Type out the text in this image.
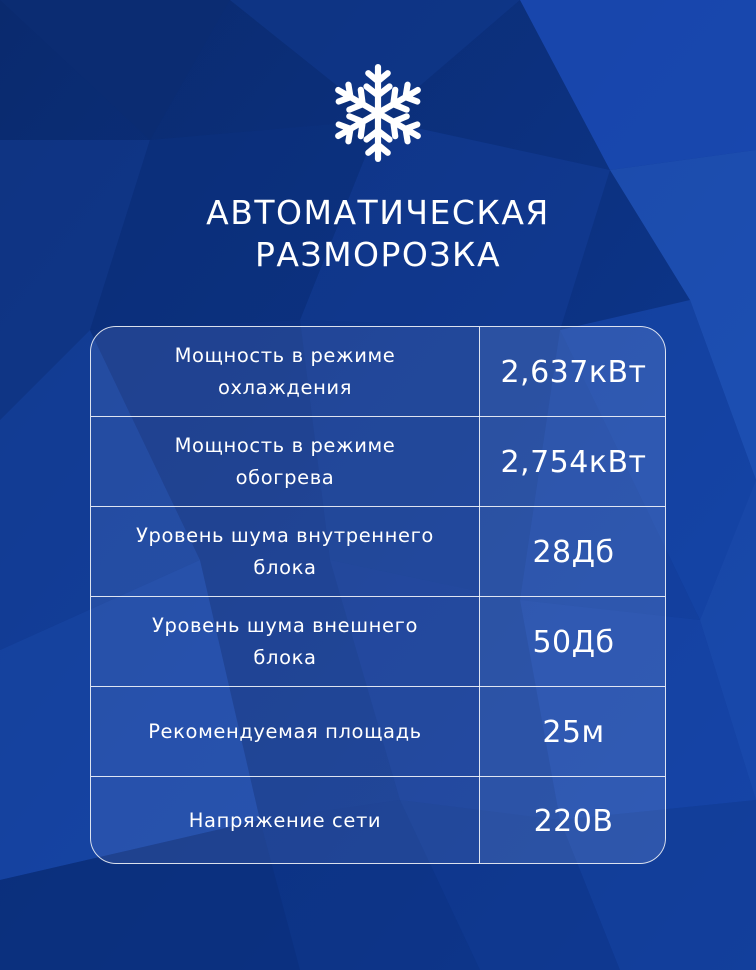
АВТОМАТИЧЕСКАЯ
РАЗМОРОЗКА
Мощность в режиме
охлаждения	2,637кВт
Мощность в режиме
обогрева	2,754кВт
Уровень шума внутреннего
блока	28Дб
Уровень шума внешнего
блока	50Дб
Рекомендуемая площадь	25м
Напряжение сети	220В
